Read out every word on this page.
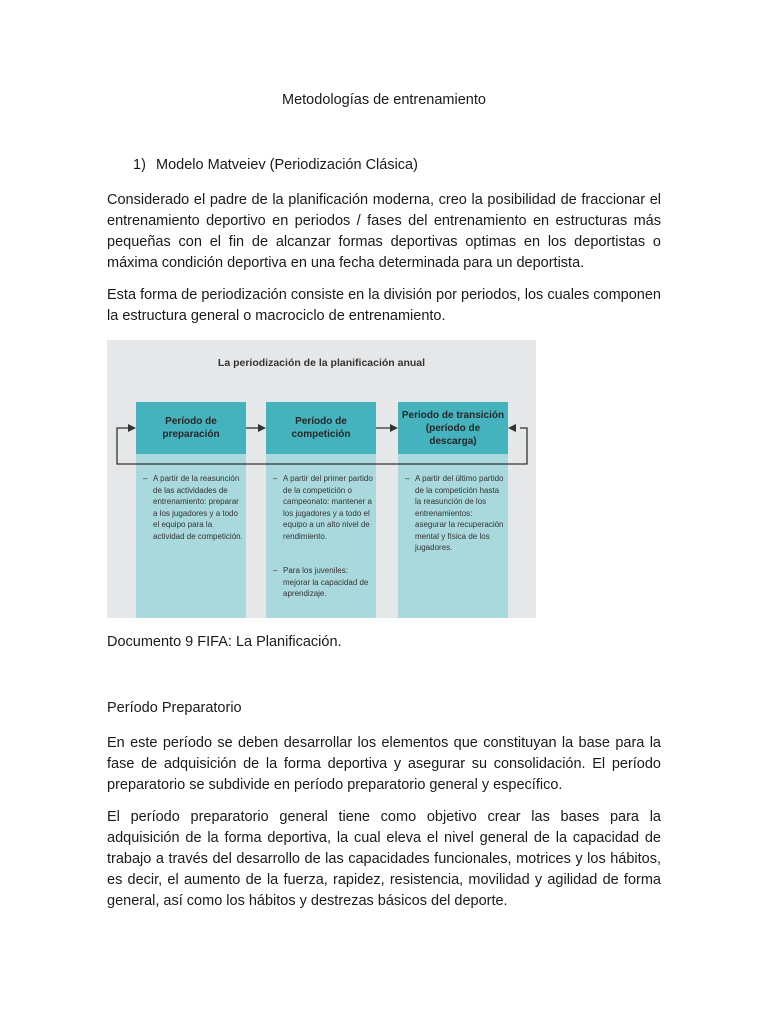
Metodologías de entrenamiento
1) Modelo Matveiev (Periodización Clásica)

Considerado el padre de la planificación moderna, creo la posibilidad de fraccionar el entrenamiento deportivo en periodos / fases del entrenamiento en estructuras más pequeñas con el fin de alcanzar formas deportivas optimas en los deportistas o máxima condición deportiva en una fecha determinada para un deportista.

Esta forma de periodización consiste en la división por periodos, los cuales componen la estructura general o macrociclo de entrenamiento.

La periodización de la planificación anual
Período de preparación
Período de competición
Periodo de transición (período de descarga)
– A partir de la reasunción de las actividades de entrenamiento: preparar a los jugadores y a todo el equipo para la actividad de competición.
– A partir del primer partido de la competición o campeonato: mantener a los jugadores y a todo el equipo a un alto nivel de rendimiento.
– Para los juveniles: mejorar la capacidad de aprendizaje.
– A partir del último partido de la competición hasta la reasunción de los entrenamientos: asegurar la recuperación mental y física de los jugadores.

Documento 9 FIFA: La Planificación.

Período Preparatorio

En este período se deben desarrollar los elementos que constituyan la base para la fase de adquisición de la forma deportiva y asegurar su consolidación. El período preparatorio se subdivide en período preparatorio general y específico.

El período preparatorio general tiene como objetivo crear las bases para la adquisición de la forma deportiva, la cual eleva el nivel general de la capacidad de trabajo a través del desarrollo de las capacidades funcionales, motrices y los hábitos, es decir, el aumento de la fuerza, rapidez, resistencia, movilidad y agilidad de forma general, así como los hábitos y destrezas básicos del deporte.
